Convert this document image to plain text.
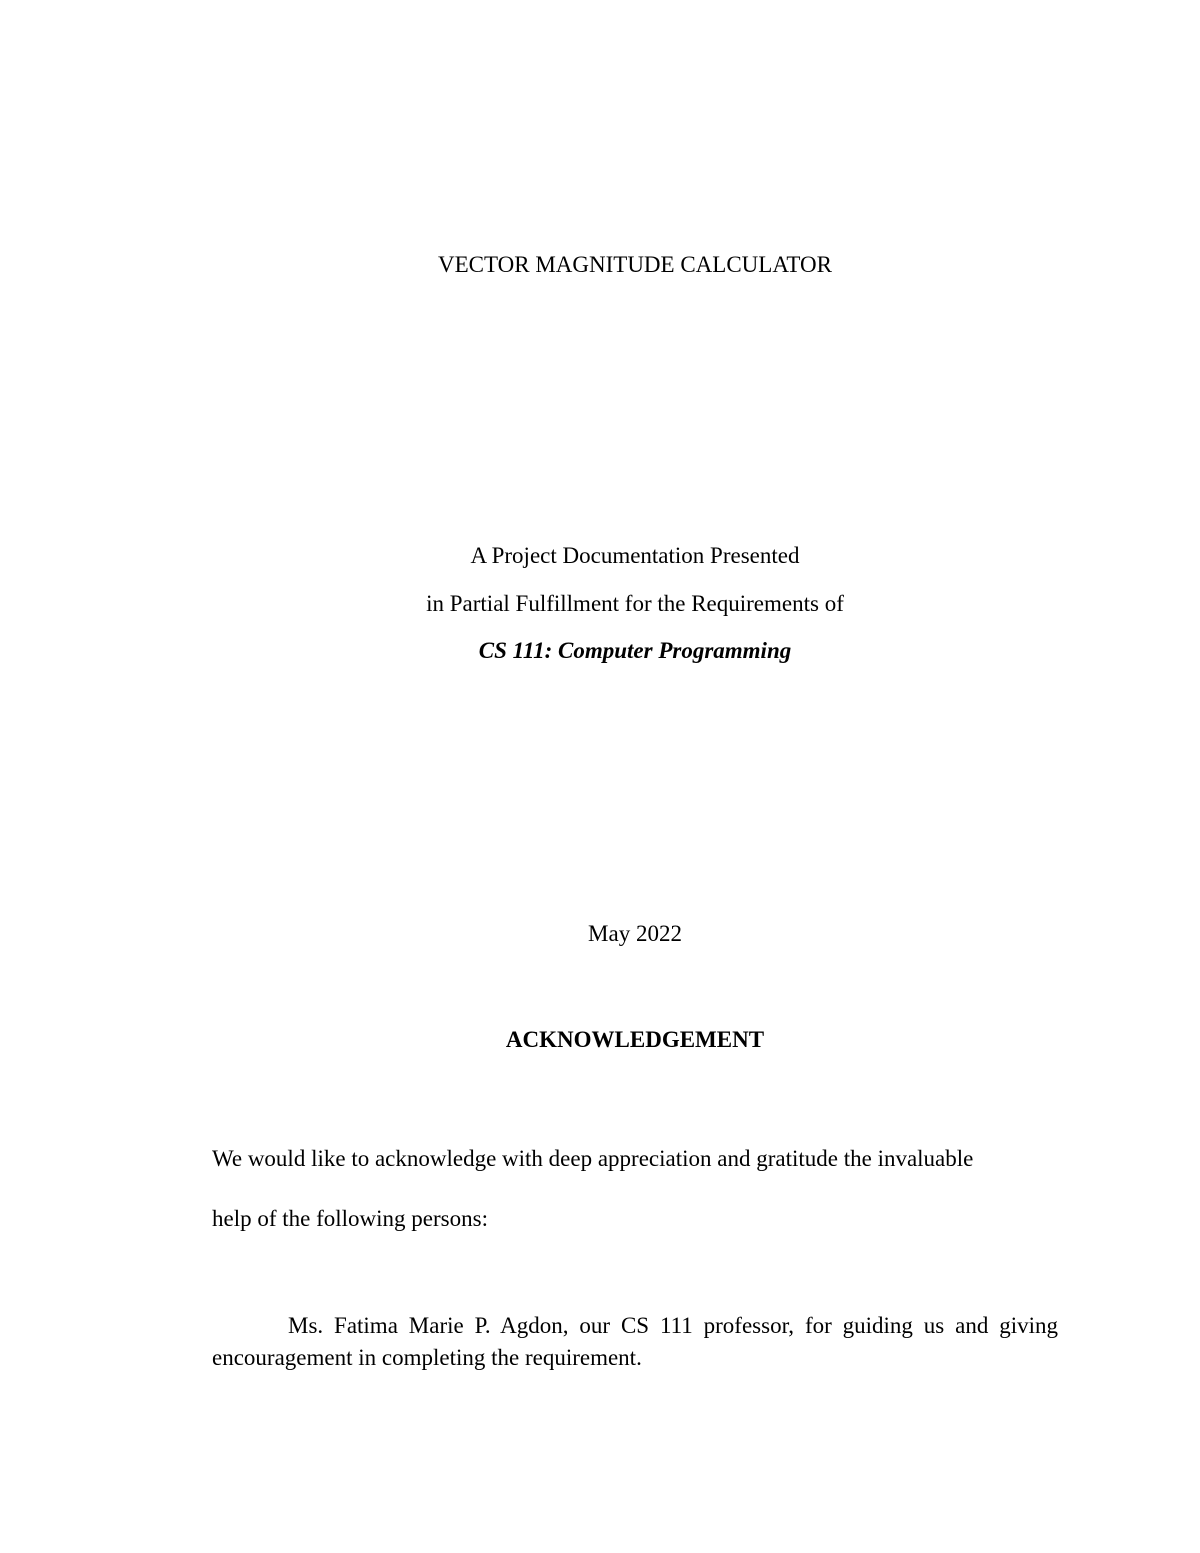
VECTOR MAGNITUDE CALCULATOR
A Project Documentation Presented
in Partial Fulfillment for the Requirements of
CS 111: Computer Programming
May 2022
ACKNOWLEDGEMENT
We would like to acknowledge with deep appreciation and gratitude the invaluable
help of the following persons:
Ms. Fatima Marie P. Agdon, our CS 111 professor, for guiding us and giving encouragement in completing the requirement.
